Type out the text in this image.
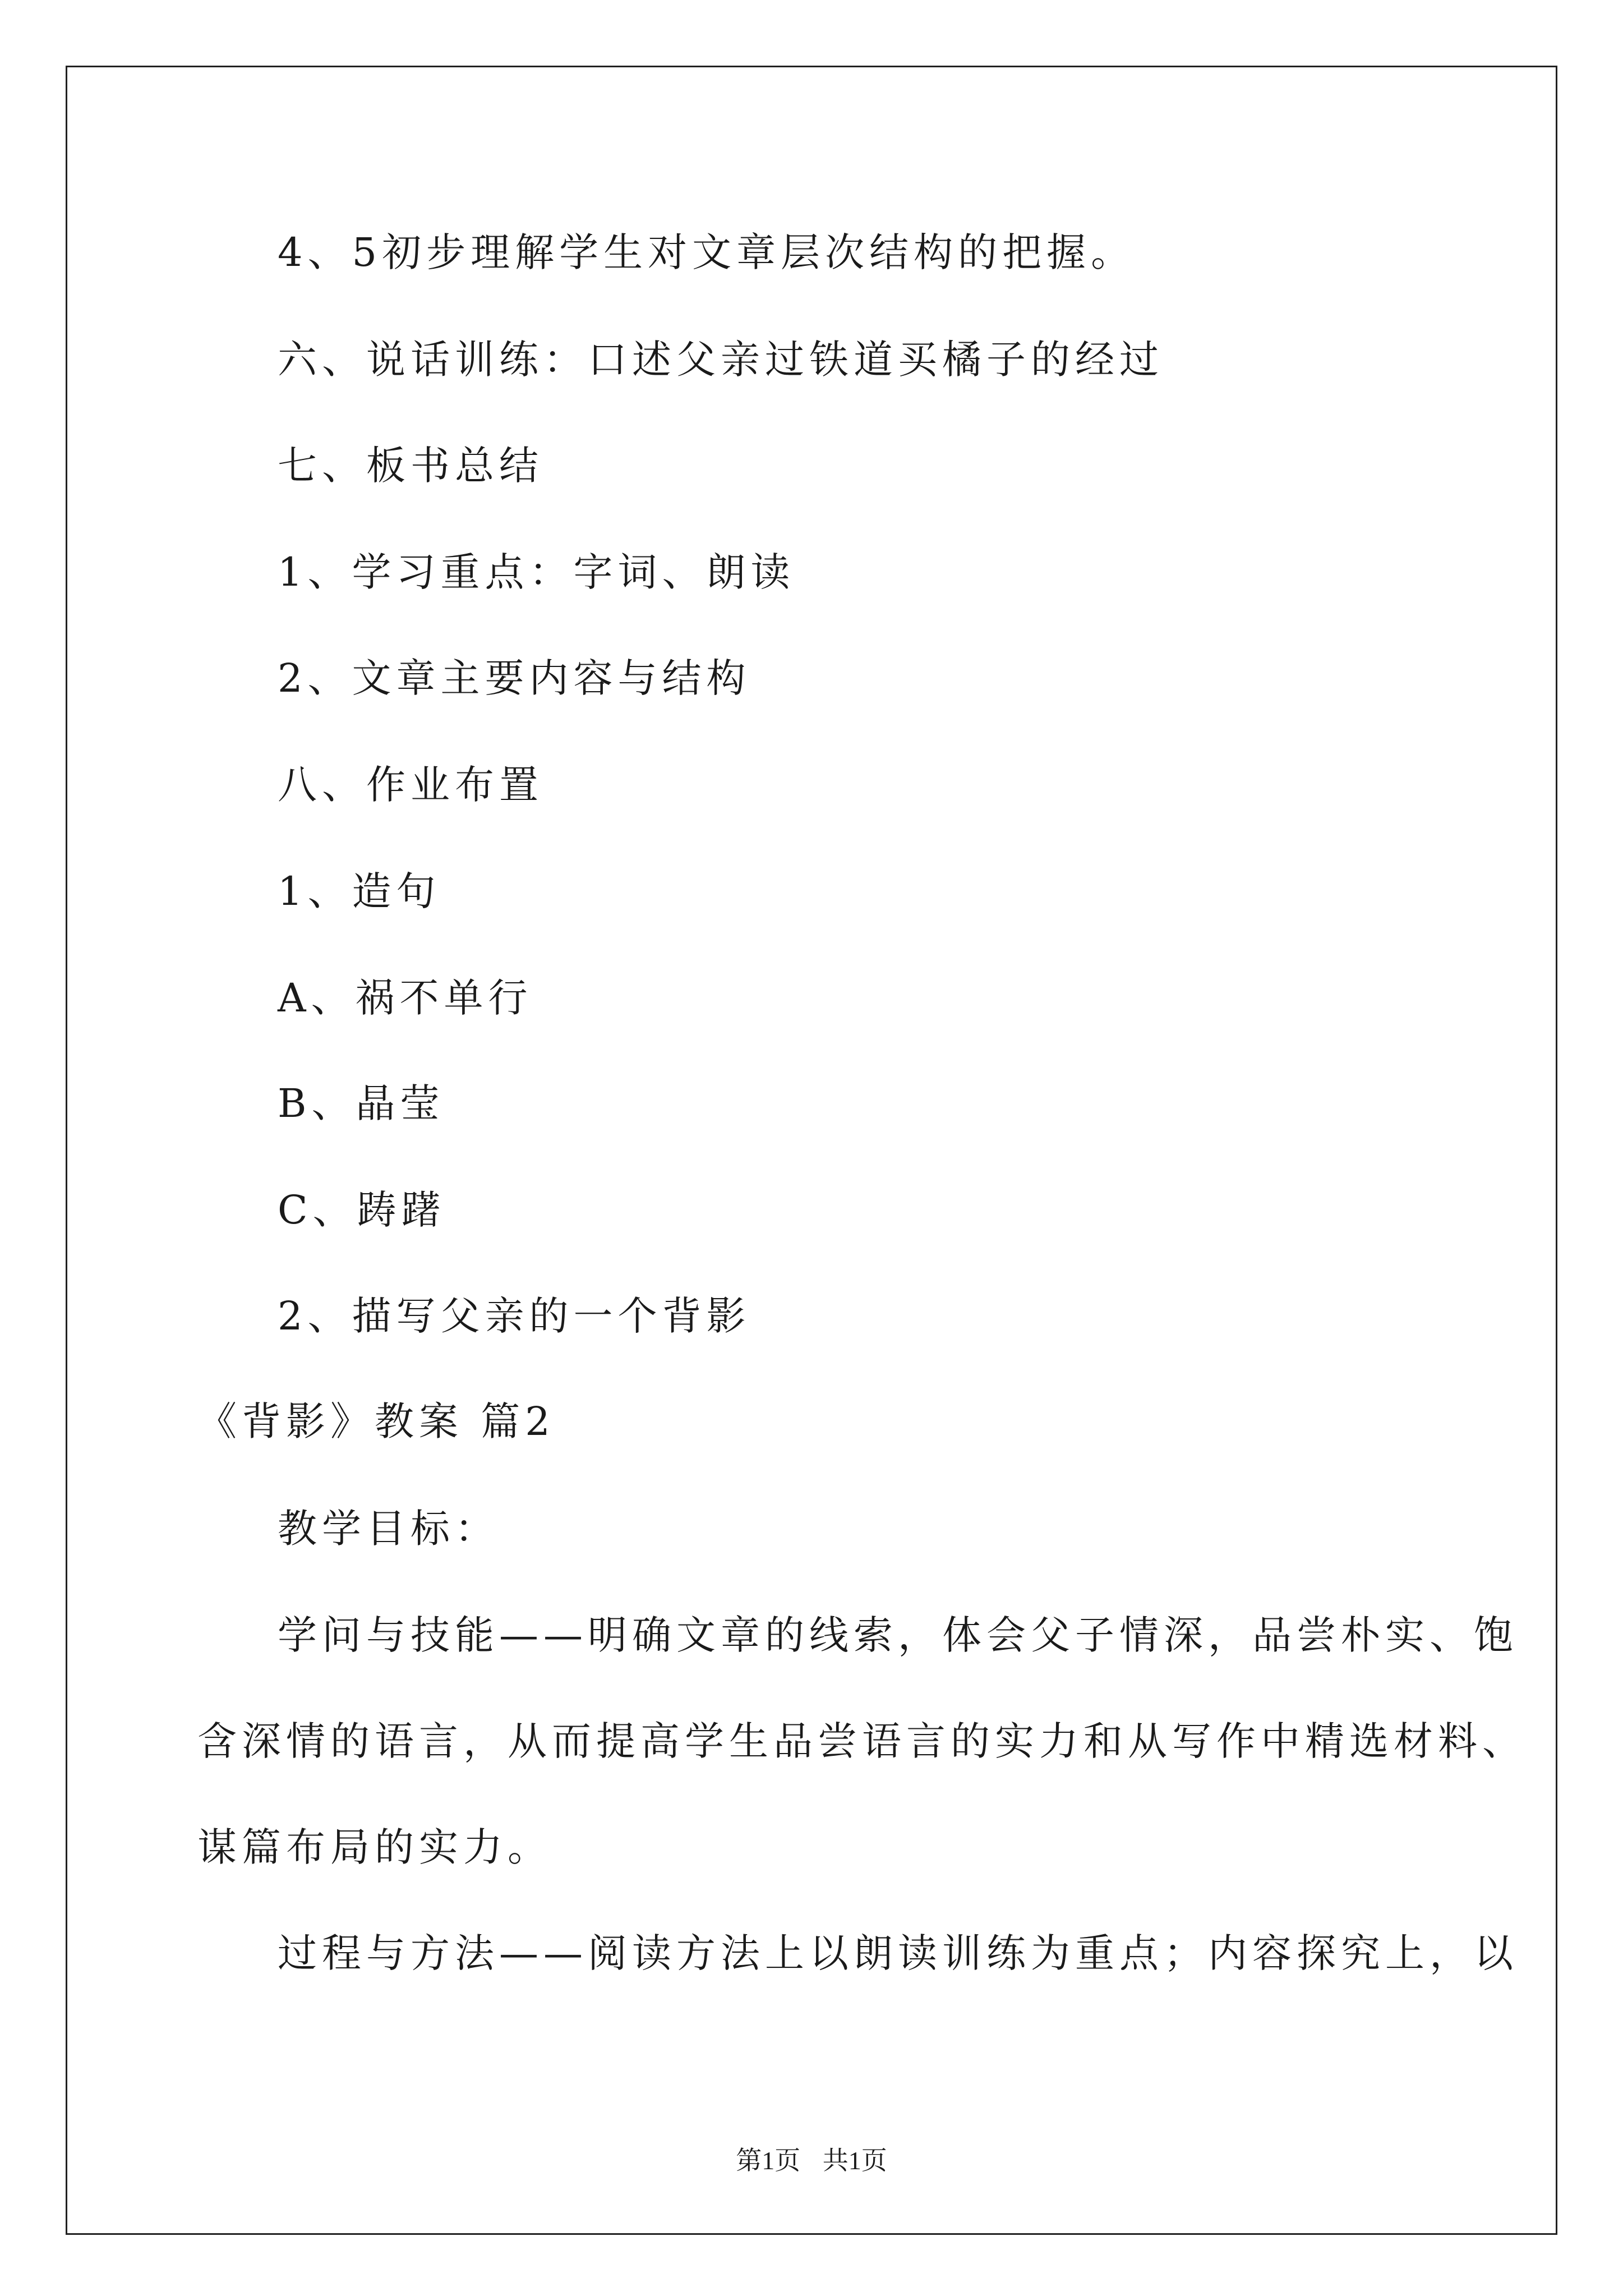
4、5初步理解学生对文章层次结构的把握。
六、说话训练：口述父亲过铁道买橘子的经过
七、板书总结
1、学习重点：字词、朗读
2、文章主要内容与结构
八、作业布置
1、造句
A、祸不单行
B、晶莹
C、踌躇
2、描写父亲的一个背影
《背影》教案 篇2
教学目标：
学问与技能——明确文章的线索，体会父子情深，品尝朴实、饱
含深情的语言，从而提高学生品尝语言的实力和从写作中精选材料、
谋篇布局的实力。
过程与方法——阅读方法上以朗读训练为重点；内容探究上，以
第1页 共1页
